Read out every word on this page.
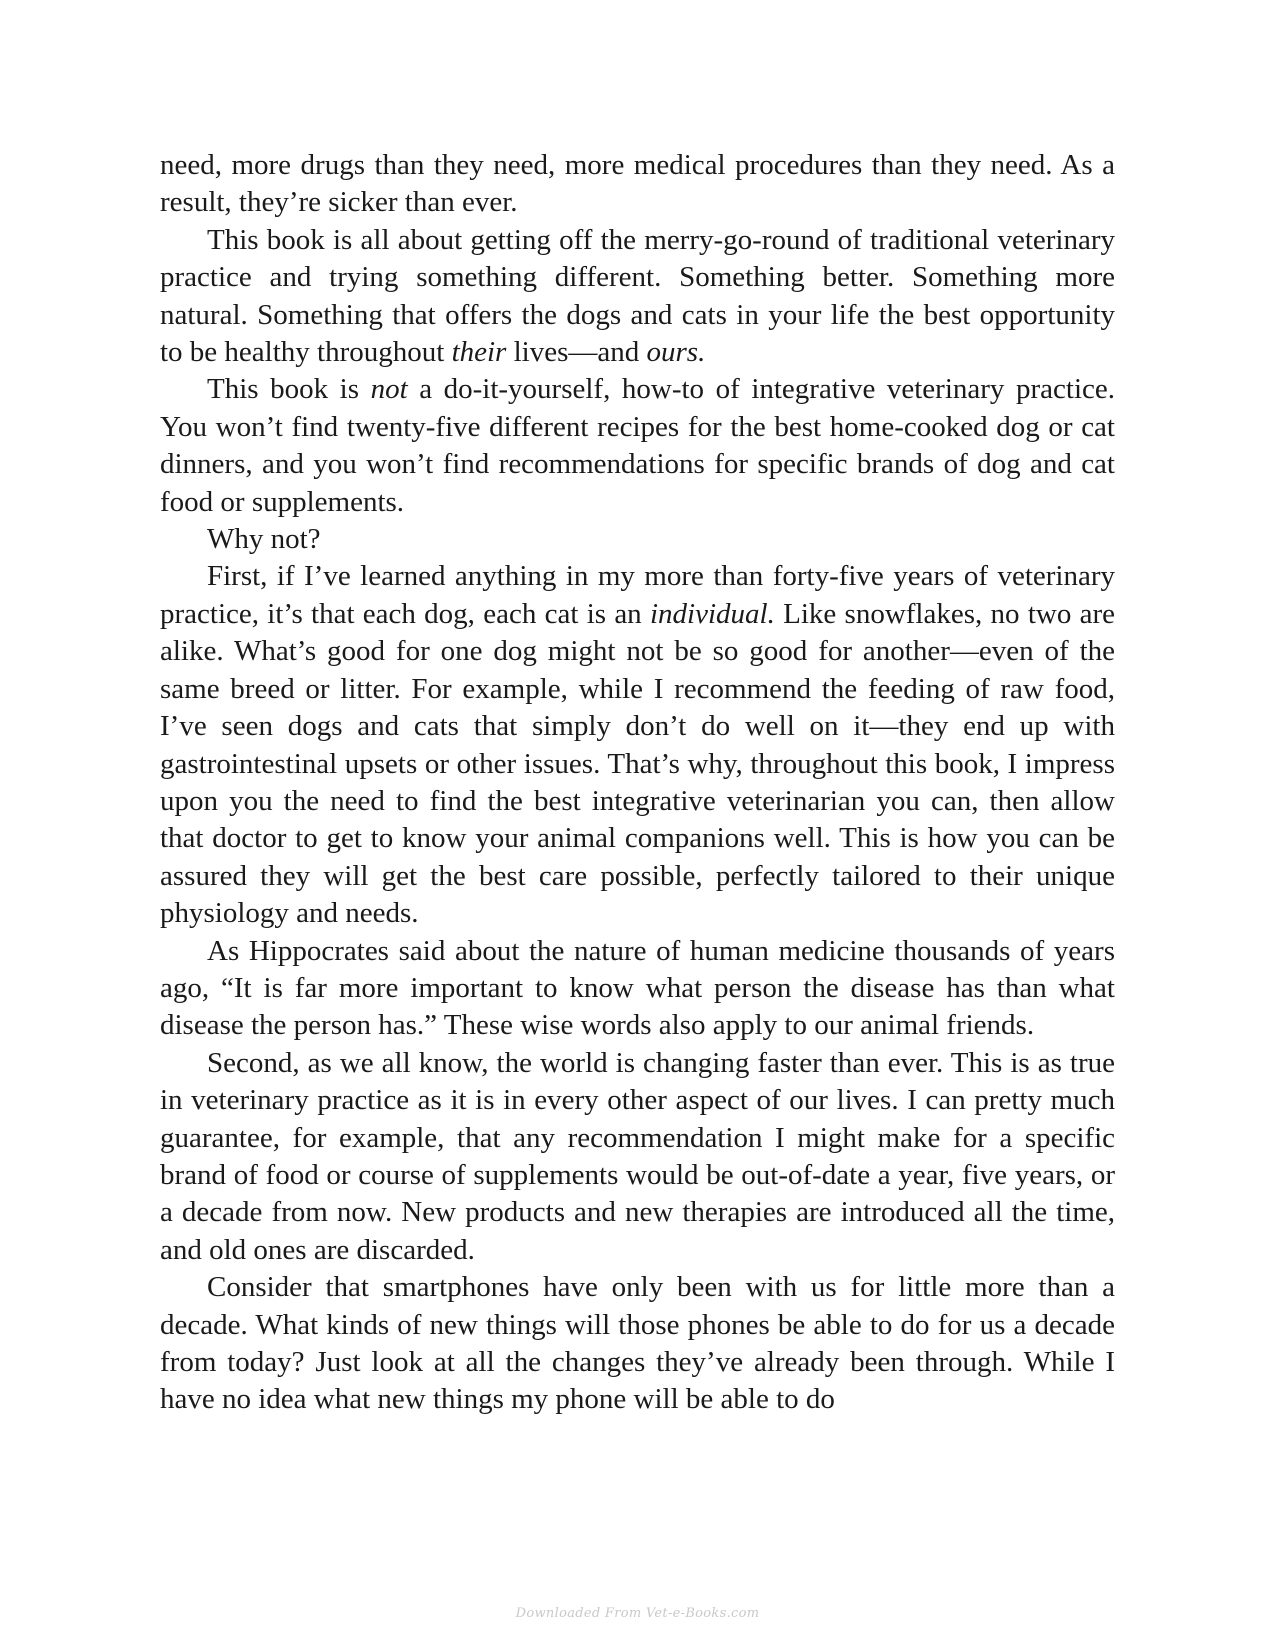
need, more drugs than they need, more medical procedures than they need. As a result, they’re sicker than ever.

This book is all about getting off the merry-go-round of traditional veterinary practice and trying something different. Something better. Something more natural. Something that offers the dogs and cats in your life the best opportunity to be healthy throughout their lives—and ours.

This book is not a do-it-yourself, how-to of integrative veterinary practice. You won’t find twenty-five different recipes for the best home-cooked dog or cat dinners, and you won’t find recommendations for specific brands of dog and cat food or supplements.

Why not?

First, if I’ve learned anything in my more than forty-five years of veterinary practice, it’s that each dog, each cat is an individual. Like snowflakes, no two are alike. What’s good for one dog might not be so good for another—even of the same breed or litter. For example, while I recommend the feeding of raw food, I’ve seen dogs and cats that simply don’t do well on it—they end up with gastrointestinal upsets or other issues. That’s why, throughout this book, I impress upon you the need to find the best integrative veterinarian you can, then allow that doctor to get to know your animal companions well. This is how you can be assured they will get the best care possible, perfectly tailored to their unique physiology and needs.

As Hippocrates said about the nature of human medicine thousands of years ago, “It is far more important to know what person the disease has than what disease the person has.” These wise words also apply to our animal friends.

Second, as we all know, the world is changing faster than ever. This is as true in veterinary practice as it is in every other aspect of our lives. I can pretty much guarantee, for example, that any recommendation I might make for a specific brand of food or course of supplements would be out-of-date a year, five years, or a decade from now. New products and new therapies are introduced all the time, and old ones are discarded.

Consider that smartphones have only been with us for little more than a decade. What kinds of new things will those phones be able to do for us a decade from today? Just look at all the changes they’ve already been through. While I have no idea what new things my phone will be able to do

Downloaded From Vet-e-Books.com
